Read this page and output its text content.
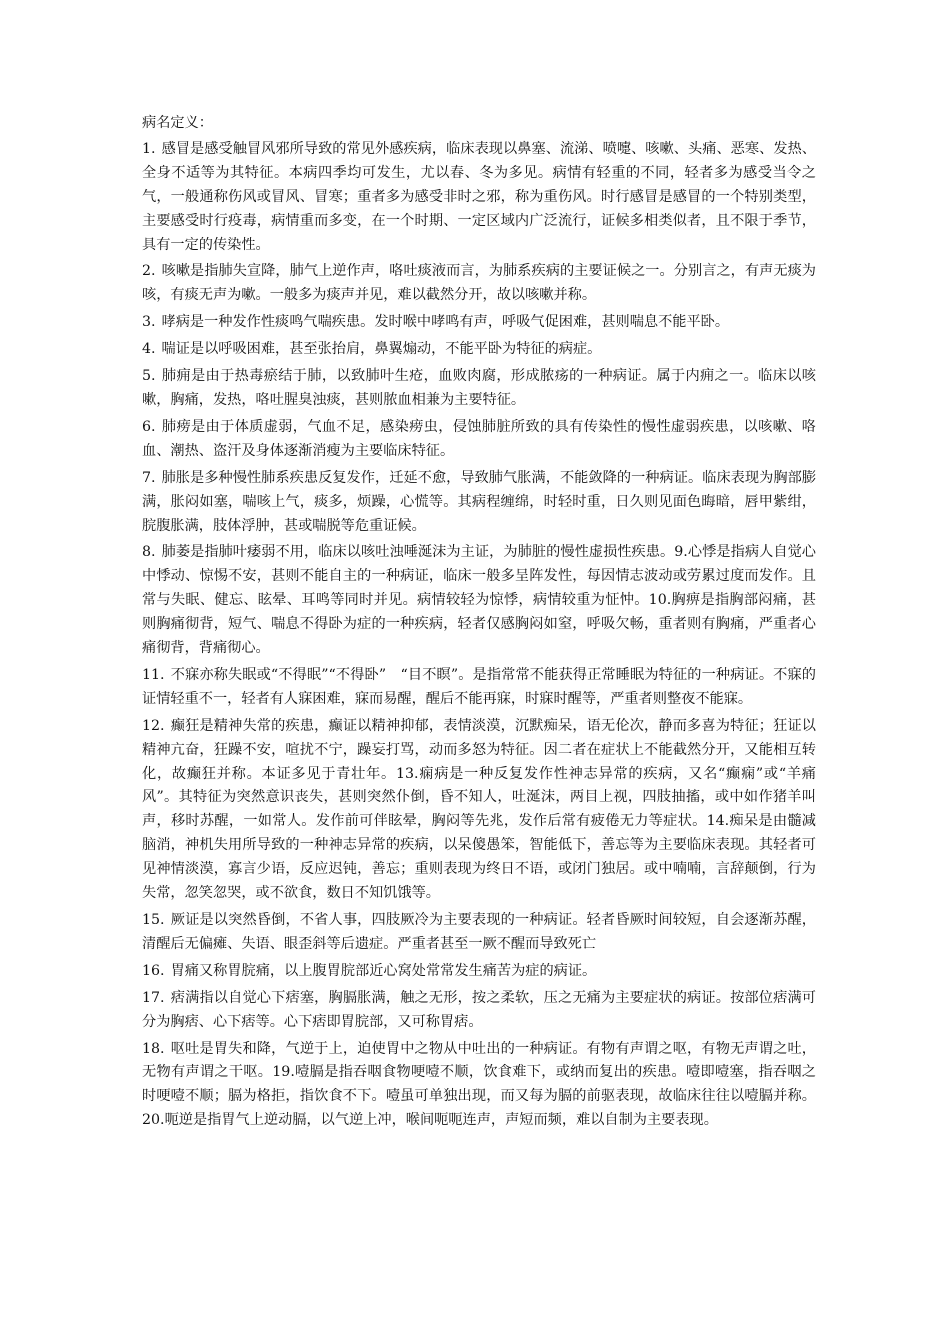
病名定义：

1. 感冒是感受触冒风邪所导致的常见外感疾病，临床表现以鼻塞、流涕、喷嚏、咳嗽、头痛、恶寒、发热、全身不适等为其特征。本病四季均可发生，尤以春、冬为多见。病情有轻重的不同，轻者多为感受当令之气，一般通称伤风或冒风、冒寒；重者多为感受非时之邪，称为重伤风。时行感冒是感冒的一个特别类型，主要感受时行疫毒，病情重而多变，在一个时期、一定区域内广泛流行，证候多相类似者，且不限于季节，具有一定的传染性。

2. 咳嗽是指肺失宣降，肺气上逆作声，咯吐痰液而言，为肺系疾病的主要证候之一。分别言之，有声无痰为咳，有痰无声为嗽。一般多为痰声并见，难以截然分开，故以咳嗽并称。

3. 哮病是一种发作性痰鸣气喘疾患。发时喉中哮鸣有声，呼吸气促困难，甚则喘息不能平卧。

4. 喘证是以呼吸困难，甚至张抬肩，鼻翼煽动，不能平卧为特征的病症。

5. 肺痈是由于热毒瘀结于肺，以致肺叶生疮，血败肉腐，形成脓疡的一种病证。属于内痈之一。临床以咳嗽，胸痛，发热，咯吐腥臭浊痰，甚则脓血相兼为主要特征。

6. 肺痨是由于体质虚弱，气血不足，感染痨虫，侵蚀肺脏所致的具有传染性的慢性虚弱疾患，以咳嗽、咯血、潮热、盗汗及身体逐渐消瘦为主要临床特征。

7. 肺胀是多种慢性肺系疾患反复发作，迁延不愈，导致肺气胀满，不能敛降的一种病证。临床表现为胸部膨满，胀闷如塞，喘咳上气，痰多，烦躁，心慌等。其病程缠绵，时轻时重，日久则见面色晦暗，唇甲紫绀，脘腹胀满，肢体浮肿，甚或喘脱等危重证候。

8. 肺萎是指肺叶痿弱不用，临床以咳吐浊唾涎沫为主证，为肺脏的慢性虚损性疾患。9.心悸是指病人自觉心中悸动、惊惕不安，甚则不能自主的一种病证，临床一般多呈阵发性，每因情志波动或劳累过度而发作。且常与失眠、健忘、眩晕、耳鸣等同时并见。病情较轻为惊悸，病情较重为怔忡。10.胸痹是指胸部闷痛，甚则胸痛彻背，短气、喘息不得卧为症的一种疾病，轻者仅感胸闷如窒，呼吸欠畅，重者则有胸痛，严重者心痛彻背，背痛彻心。

11. 不寐亦称失眠或“不得眠”“不得卧”　“目不瞑”。是指常常不能获得正常睡眠为特征的一种病证。不寐的证情轻重不一，轻者有人寐困难，寐而易醒，醒后不能再寐，时寐时醒等，严重者则整夜不能寐。

12. 癫狂是精神失常的疾患，癫证以精神抑郁，表情淡漠，沉默痴呆，语无伦次，静而多喜为特征；狂证以精神亢奋，狂躁不安，喧扰不宁，躁妄打骂，动而多怒为特征。因二者在症状上不能截然分开，又能相互转化，故癫狂并称。本证多见于青壮年。13.痫病是一种反复发作性神志异常的疾病，又名“癫痫”或“羊痛风”。其特征为突然意识丧失，甚则突然仆倒，昏不知人，吐涎沫，两目上视，四肢抽搐，或中如作猪羊叫声，移时苏醒，一如常人。发作前可伴眩晕，胸闷等先兆，发作后常有疲倦无力等症状。14.痴呆是由髓减脑消，神机失用所导致的一种神志异常的疾病，以呆傻愚笨，智能低下，善忘等为主要临床表现。其轻者可见神情淡漠，寡言少语，反应迟钝，善忘；重则表现为终日不语，或闭门独居。或中喃喃，言辞颠倒，行为失常，忽笑忽哭，或不欲食，数日不知饥饿等。

15. 厥证是以突然昏倒，不省人事，四肢厥冷为主要表现的一种病证。轻者昏厥时间较短，自会逐渐苏醒，清醒后无偏瘫、失语、眼歪斜等后遗症。严重者甚至一厥不醒而导致死亡

16. 胃痛又称胃脘痛，以上腹胃脘部近心窝处常常发生痛苦为症的病证。

17. 痞满指以自觉心下痞塞，胸膈胀满，触之无形，按之柔软，压之无痛为主要症状的病证。按部位痞满可分为胸痞、心下痞等。心下痞即胃脘部，又可称胃痞。

18. 呕吐是胃失和降，气逆于上，迫使胃中之物从中吐出的一种病证。有物有声谓之呕，有物无声谓之吐，无物有声谓之干呕。19.噎膈是指吞咽食物哽噎不顺，饮食难下，或纳而复出的疾患。噎即噎塞，指吞咽之时哽噎不顺；膈为格拒，指饮食不下。噎虽可单独出现，而又每为膈的前驱表现，故临床往往以噎膈并称。20.呃逆是指胃气上逆动膈，以气逆上冲，喉间呃呃连声，声短而频，难以自制为主要表现。
